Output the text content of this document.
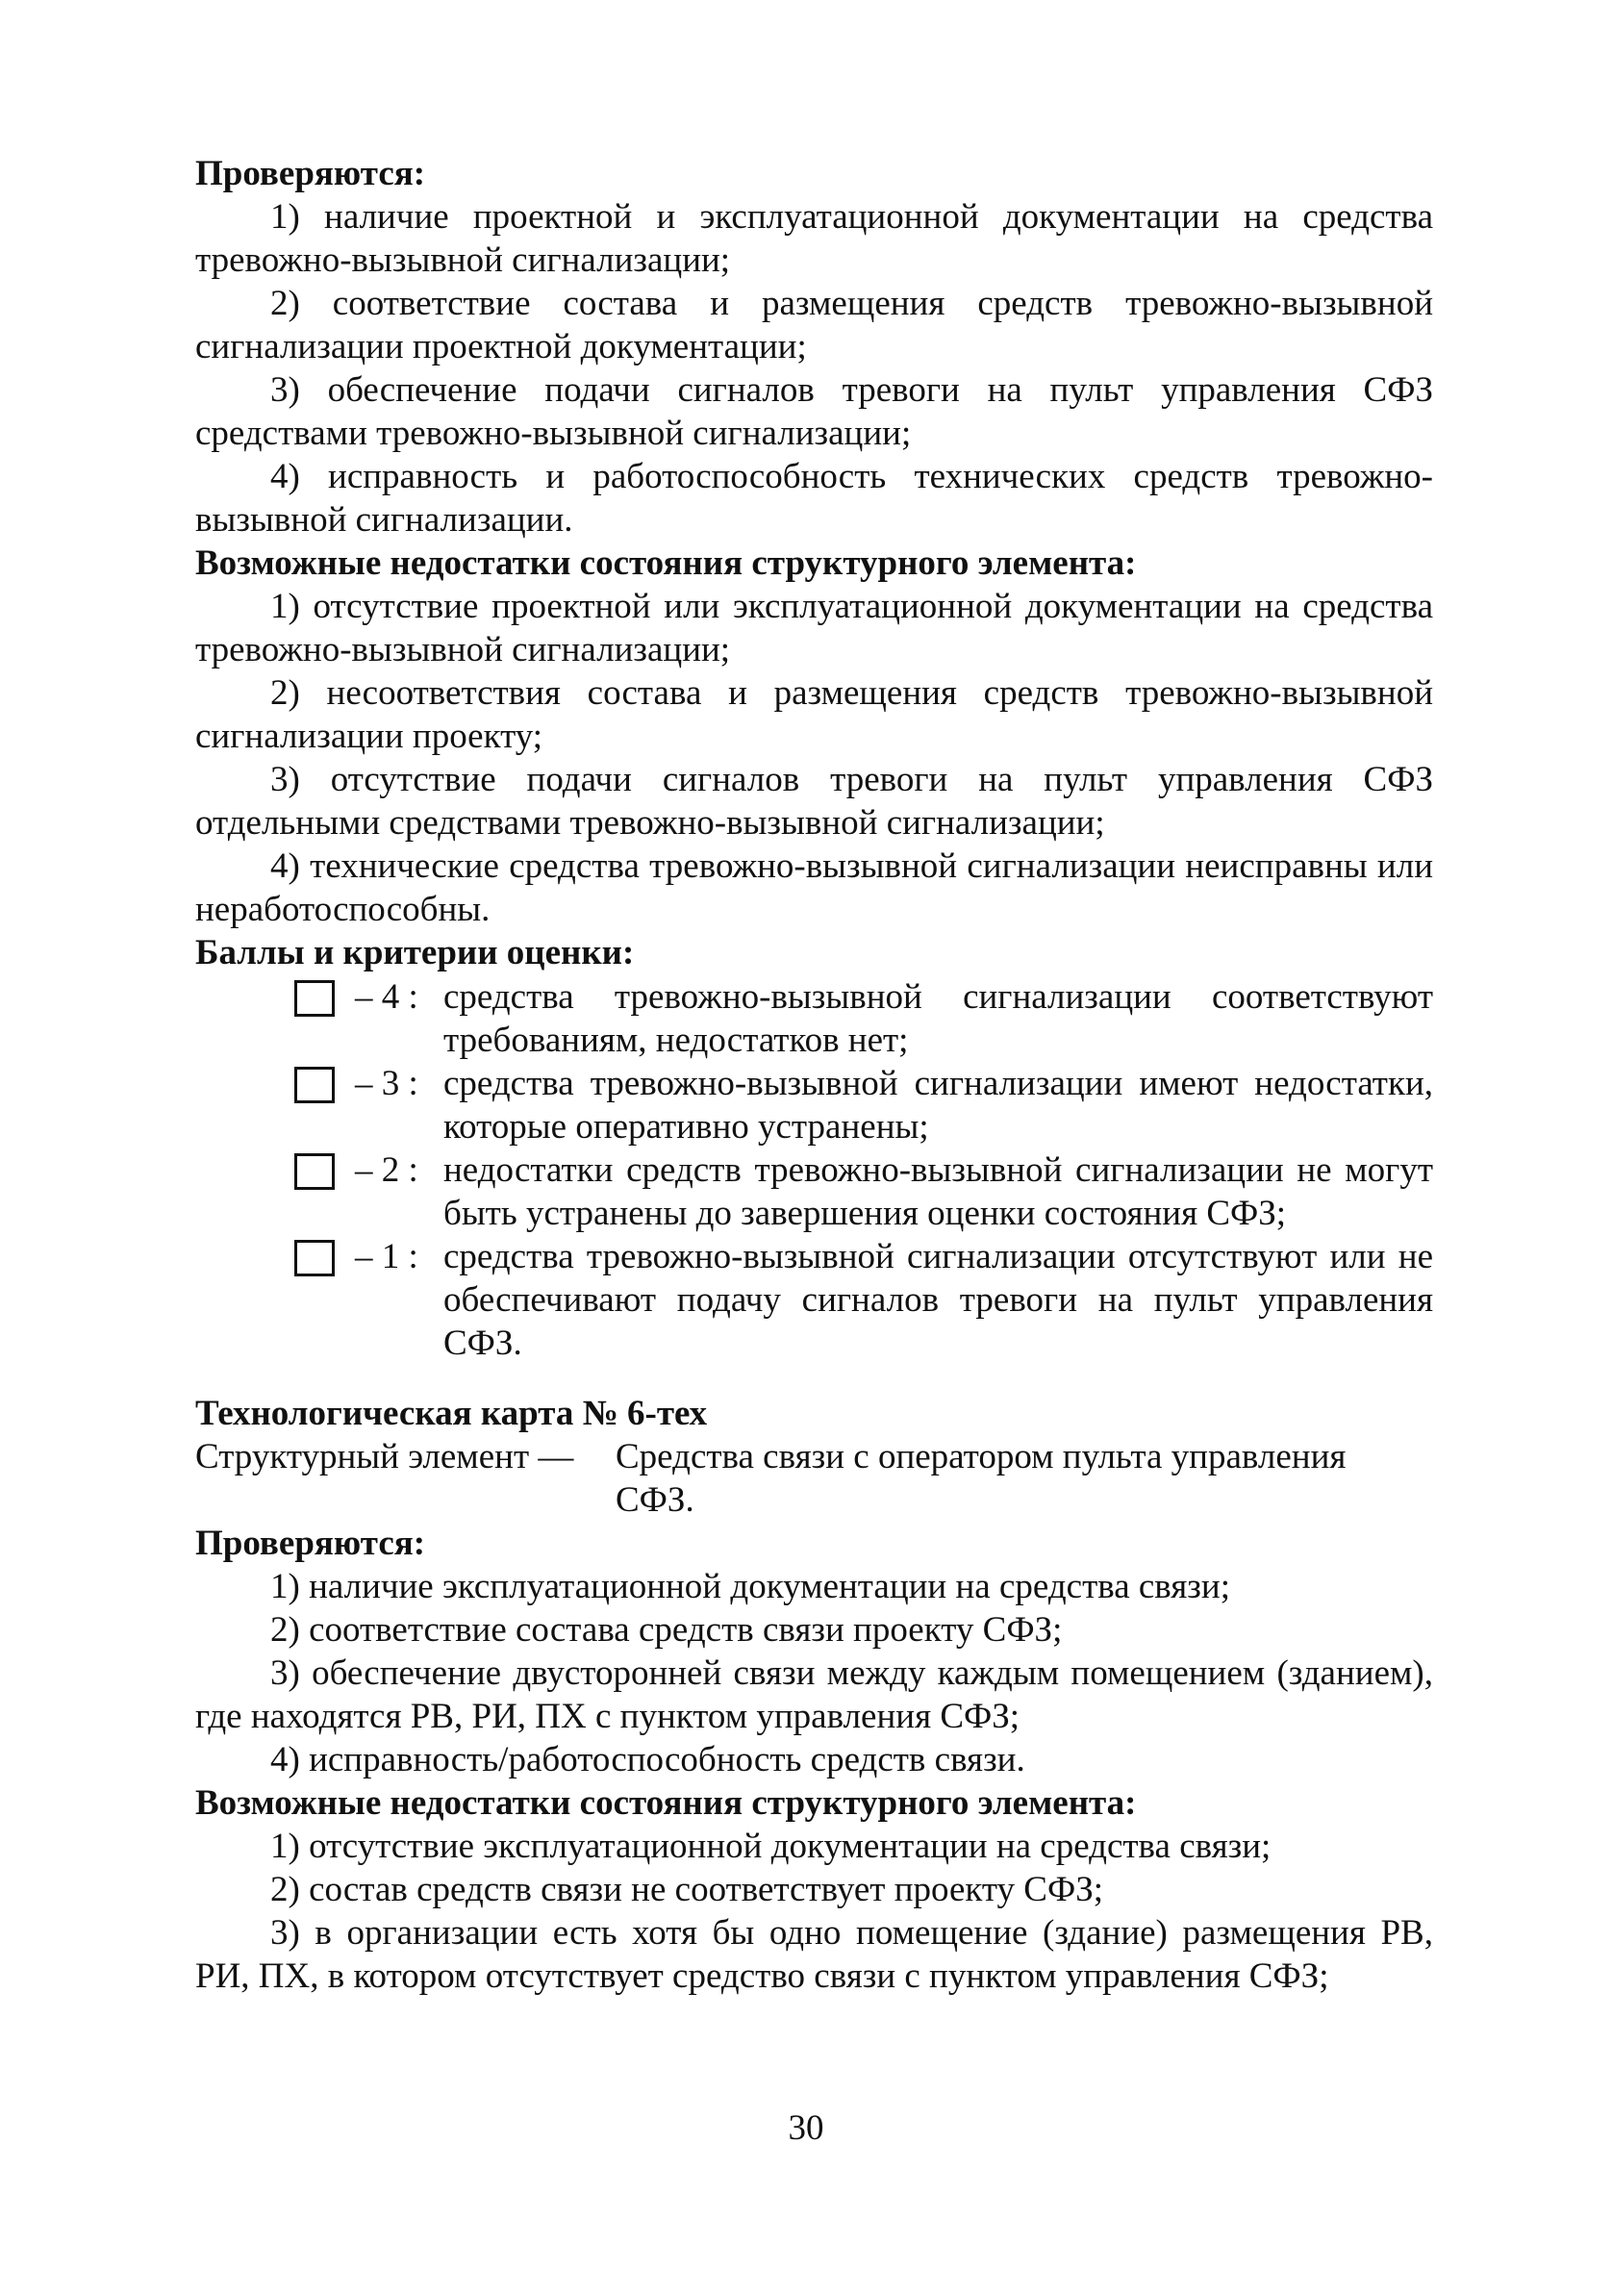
Проверяются:

1) наличие проектной и эксплуатационной документации на средства тревожно-вызывной сигнализации;

2) соответствие состава и размещения средств тревожно-вызывной сигнализации проектной документации;

3) обеспечение подачи сигналов тревоги на пульт управления СФЗ средствами тревожно-вызывной сигнализации;

4) исправность и работоспособность технических средств тревожно-вызывной сигнализации.

Возможные недостатки состояния структурного элемента:

1) отсутствие проектной или эксплуатационной документации на средства тревожно-вызывной сигнализации;

2) несоответствия состава и размещения средств тревожно-вызывной сигнализации проекту;

3) отсутствие подачи сигналов тревоги на пульт управления СФЗ отдельными средствами тревожно-вызывной сигнализации;

4) технические средства тревожно-вызывной сигнализации неисправны или неработоспособны.

Баллы и критерии оценки:
– 4 : средства тревожно-вызывной сигнализации соответствуют требованиям, недостатков нет;
– 3 : средства тревожно-вызывной сигнализации имеют недостатки, которые оперативно устранены;
– 2 : недостатки средств тревожно-вызывной сигнализации не могут быть устранены до завершения оценки состояния СФЗ;
– 1 : средства тревожно-вызывной сигнализации отсутствуют или не обеспечивают подачу сигналов тревоги на пульт управления СФЗ.
Технологическая карта № 6-тех
Структурный элемент — Средства связи с оператором пульта управления
СФЗ.
Проверяются:

1) наличие эксплуатационной документации на средства связи;

2) соответствие состава средств связи проекту СФЗ;

3) обеспечение двусторонней связи между каждым помещением (зданием), где находятся РВ, РИ, ПХ с пунктом управления СФЗ;

4) исправность/работоспособность средств связи.

Возможные недостатки состояния структурного элемента:

1) отсутствие эксплуатационной документации на средства связи;

2) состав средств связи не соответствует проекту СФЗ;

3) в организации есть хотя бы одно помещение (здание) размещения РВ, РИ, ПХ, в котором отсутствует средство связи с пунктом управления СФЗ;

30
